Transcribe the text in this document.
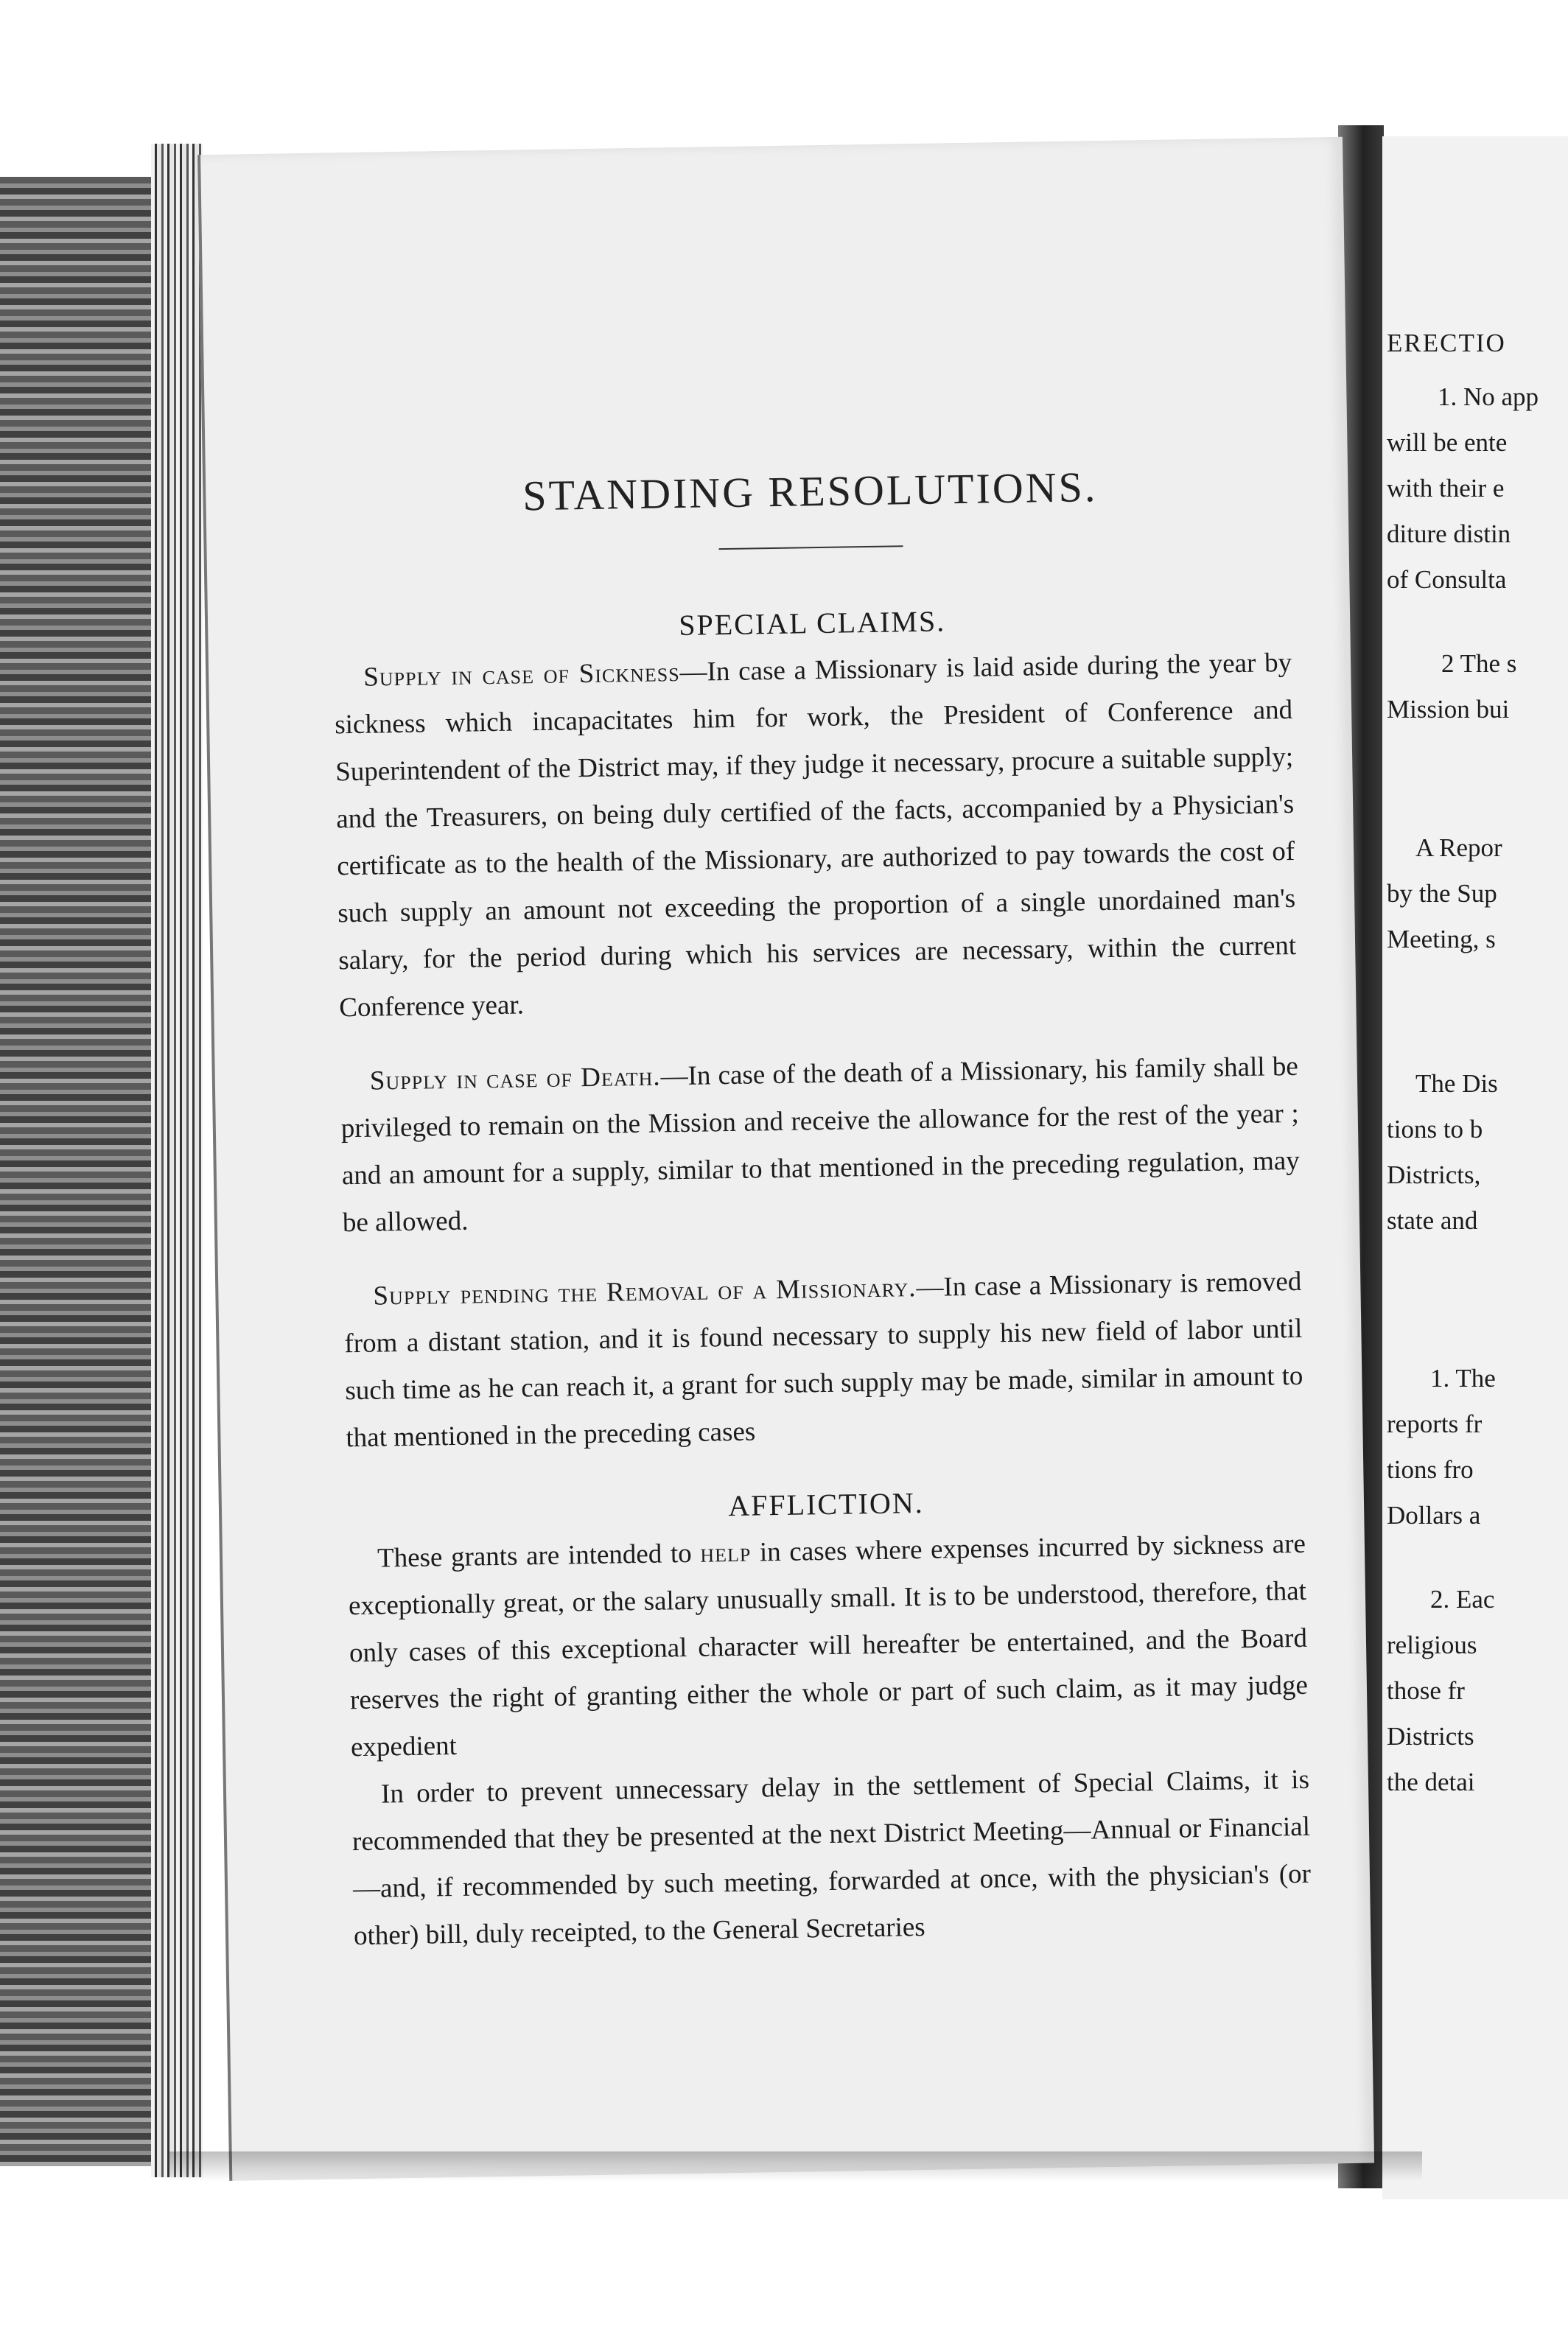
STANDING RESOLUTIONS.
SPECIAL CLAIMS.

Supply in case of Sickness—In case a Missionary is laid aside during the year by sickness which incapacitates him for work, the President of Conference and Superintendent of the District may, if they judge it necessary, procure a suitable supply; and the Treasurers, on being duly certified of the facts, accompanied by a Physician's certificate as to the health of the Missionary, are authorized to pay towards the cost of such supply an amount not exceeding the proportion of a single unordained man's salary, for the period during which his services are necessary, within the current Conference year.

Supply in case of Death.—In case of the death of a Missionary, his family shall be privileged to remain on the Mission and receive the allowance for the rest of the year ; and an amount for a supply, similar to that mentioned in the preceding regulation, may be allowed.

Supply pending the Removal of a Missionary.—In case a Missionary is removed from a distant station, and it is found necessary to supply his new field of labor until such time as he can reach it, a grant for such supply may be made, similar in amount to that mentioned in the preceding cases

AFFLICTION.

These grants are intended to help in cases where expenses incurred by sickness are exceptionally great, or the salary unusually small. It is to be understood, therefore, that only cases of this exceptional character will hereafter be entertained, and the Board reserves the right of granting either the whole or part of such claim, as it may judge expedient

In order to prevent unnecessary delay in the settlement of Special Claims, it is recommended that they be presented at the next District Meeting—Annual or Financial—and, if recommended by such meeting, forwarded at once, with the physician's (or other) bill, duly receipted, to the General Secretaries

ERECTIO
1. No app
will be ente
with their e
diture distin
of Consulta
2 The s
Mission bui
A Repor
by the Sup
Meeting, s
The Dis
tions to b
Districts,
state and
1. The
reports fr
tions fro
Dollars a
2. Eac
religious
those fr
Districts
the detai
